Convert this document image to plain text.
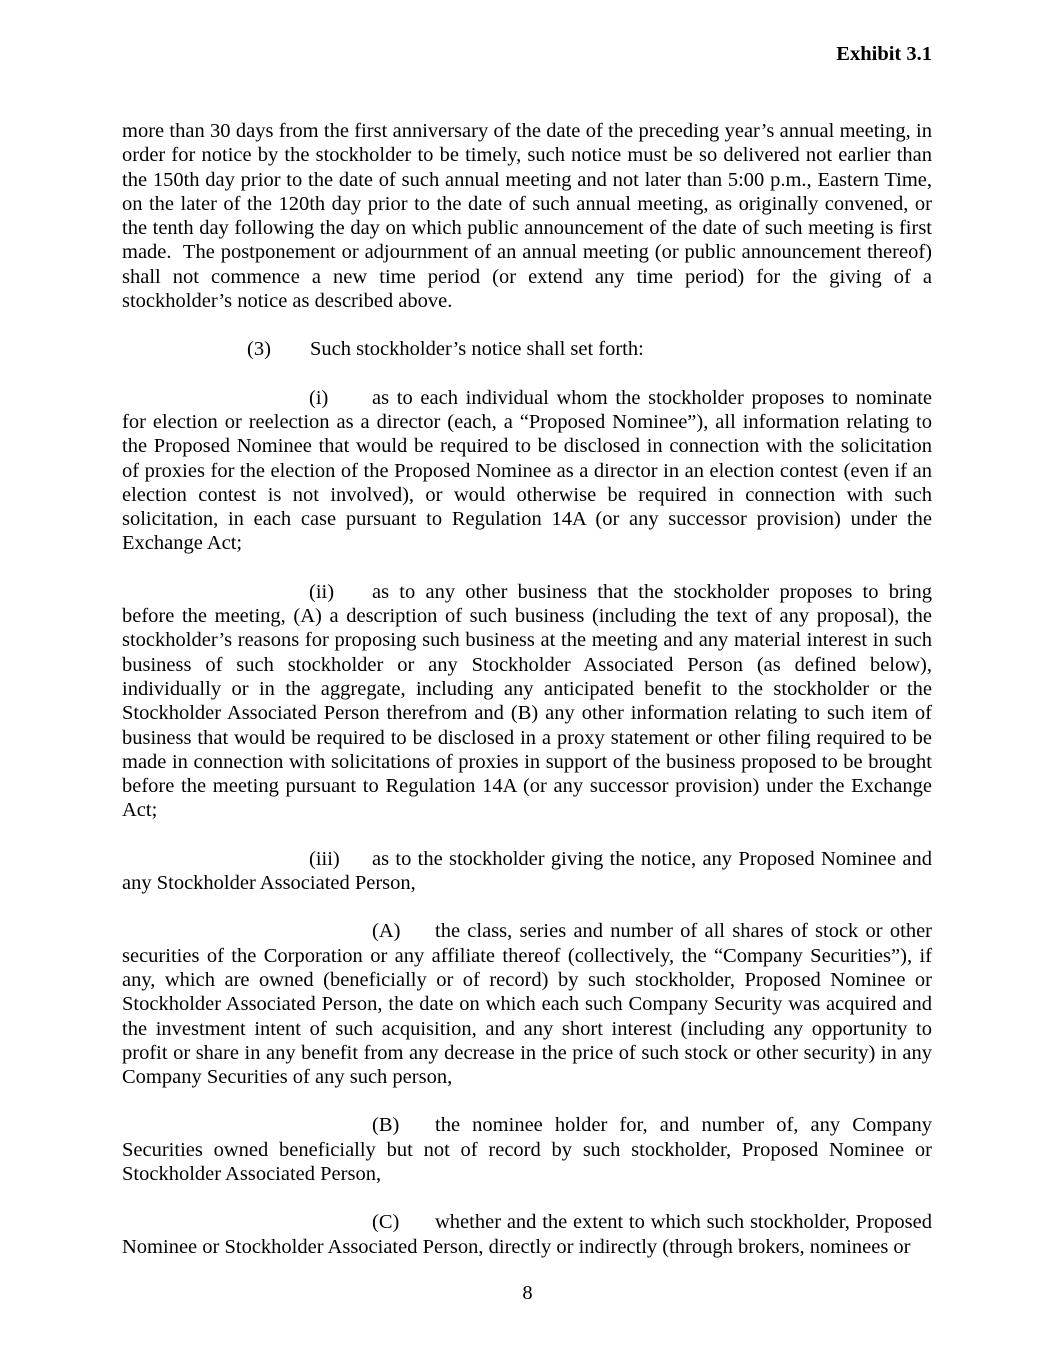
Exhibit 3.1

more than 30 days from the first anniversary of the date of the preceding year’s annual meeting, in order for notice by the stockholder to be timely, such notice must be so delivered not earlier than the 150th day prior to the date of such annual meeting and not later than 5:00 p.m., Eastern Time, on the later of the 120th day prior to the date of such annual meeting, as originally convened, or the tenth day following the day on which public announcement of the date of such meeting is first made.  The postponement or adjournment of an annual meeting (or public announcement thereof) shall not commence a new time period (or extend any time period) for the giving of a stockholder’s notice as described above.

(3) Such stockholder’s notice shall set forth:

(i) as to each individual whom the stockholder proposes to nominate for election or reelection as a director (each, a “Proposed Nominee”), all information relating to the Proposed Nominee that would be required to be disclosed in connection with the solicitation of proxies for the election of the Proposed Nominee as a director in an election contest (even if an election contest is not involved), or would otherwise be required in connection with such solicitation, in each case pursuant to Regulation 14A (or any successor provision) under the Exchange Act;

(ii) as to any other business that the stockholder proposes to bring before the meeting, (A) a description of such business (including the text of any proposal), the stockholder’s reasons for proposing such business at the meeting and any material interest in such business of such stockholder or any Stockholder Associated Person (as defined below), individually or in the aggregate, including any anticipated benefit to the stockholder or the Stockholder Associated Person therefrom and (B) any other information relating to such item of business that would be required to be disclosed in a proxy statement or other filing required to be made in connection with solicitations of proxies in support of the business proposed to be brought before the meeting pursuant to Regulation 14A (or any successor provision) under the Exchange Act;

(iii) as to the stockholder giving the notice, any Proposed Nominee and any Stockholder Associated Person,

(A) the class, series and number of all shares of stock or other securities of the Corporation or any affiliate thereof (collectively, the “Company Securities”), if any, which are owned (beneficially or of record) by such stockholder, Proposed Nominee or Stockholder Associated Person, the date on which each such Company Security was acquired and the investment intent of such acquisition, and any short interest (including any opportunity to profit or share in any benefit from any decrease in the price of such stock or other security) in any Company Securities of any such person,

(B) the nominee holder for, and number of, any Company Securities owned beneficially but not of record by such stockholder, Proposed Nominee or Stockholder Associated Person,

(C) whether and the extent to which such stockholder, Proposed Nominee or Stockholder Associated Person, directly or indirectly (through brokers, nominees or

8
